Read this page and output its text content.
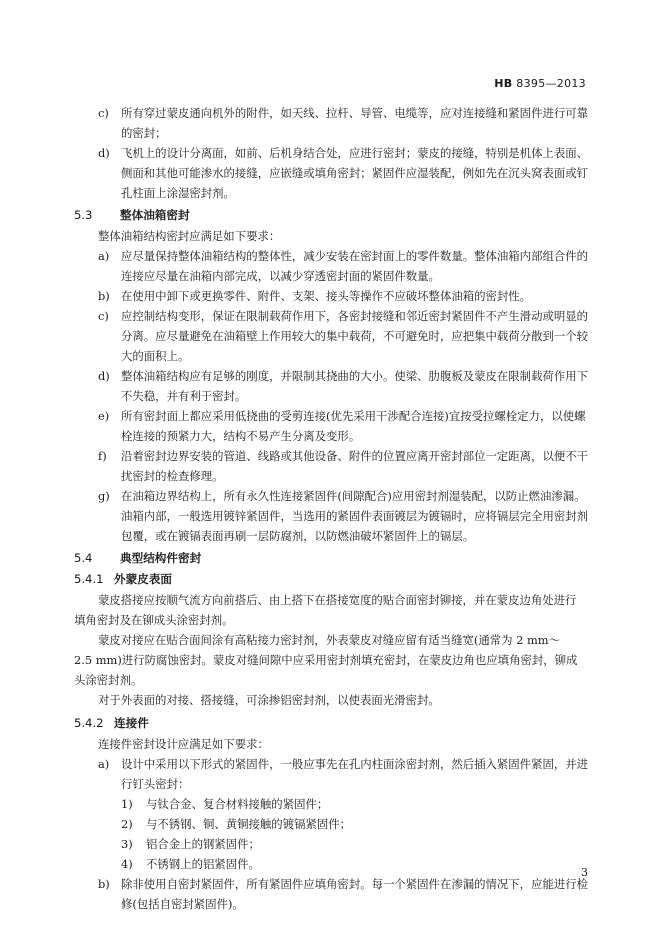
HB 8395—2013
c) 所有穿过蒙皮通向机外的附件，如天线、拉杆、导管、电缆等，应对连接缝和紧固件进行可靠
的密封；
d) 飞机上的设计分离面，如前、后机身结合处，应进行密封；蒙皮的接缝，特别是机体上表面、
侧面和其他可能渗水的接缝，应嵌缝或填角密封；紧固件应湿装配，例如先在沉头窝表面或钉
孔柱面上涂湿密封剂。
5.3 整体油箱密封
整体油箱结构密封应满足如下要求：
a) 应尽量保持整体油箱结构的整体性，减少安装在密封面上的零件数量。整体油箱内部组合件的
连接应尽量在油箱内部完成，以减少穿透密封面的紧固件数量。
b) 在使用中卸下或更换零件、附件、支架、接头等操作不应破坏整体油箱的密封性。
c) 应控制结构变形，保证在限制载荷作用下，各密封接缝和邻近密封紧固件不产生滑动或明显的
分离。应尽量避免在油箱壁上作用较大的集中载荷，不可避免时，应把集中载荷分散到一个较
大的面积上。
d) 整体油箱结构应有足够的刚度，并限制其挠曲的大小。使梁、肋腹板及蒙皮在限制载荷作用下
不失稳，并有利于密封。
e) 所有密封面上都应采用低挠曲的受剪连接(优先采用干涉配合连接)宜按受拉螺栓定力，以使螺
栓连接的预紧力大，结构不易产生分离及变形。
f) 沿着密封边界安装的管道、线路或其他设备、附件的位置应离开密封部位一定距离，以便不干
扰密封的检查修理。
g) 在油箱边界结构上，所有永久性连接紧固件(间隙配合)应用密封剂湿装配，以防止燃油渗漏。
油箱内部，一般选用镀锌紧固件，当选用的紧固件表面镀层为镀镉时，应将镉层完全用密封剂
包覆，或在镀镉表面再刷一层防腐剂，以防燃油破坏紧固件上的镉层。
5.4 典型结构件密封
5.4.1 外蒙皮表面
蒙皮搭接应按顺气流方向前搭后、由上搭下在搭接宽度的贴合面密封铆接，并在蒙皮边角处进行
填角密封及在铆成头涂密封剂。
蒙皮对接应在贴合面间涂有高粘接力密封剂，外表蒙皮对缝应留有适当缝宽(通常为 2 mm～
2.5 mm)进行防腐蚀密封。蒙皮对缝间隙中应采用密封剂填充密封，在蒙皮边角也应填角密封，铆成
头涂密封剂。
对于外表面的对接、搭接缝，可涂掺铝密封剂，以使表面光滑密封。
5.4.2 连接件
连接件密封设计应满足如下要求：
a) 设计中采用以下形式的紧固件，一般应事先在孔内柱面涂密封剂，然后插入紧固件紧固，并进
行钉头密封：
1) 与钛合金、复合材料接触的紧固件；
2) 与不锈钢、铜、黄铜接触的镀镉紧固件；
3) 铝合金上的钢紧固件；
4) 不锈钢上的铝紧固件。
b) 除非使用自密封紧固件，所有紧固件应填角密封。每一个紧固件在渗漏的情况下，应能进行检
修(包括自密封紧固件)。
3
